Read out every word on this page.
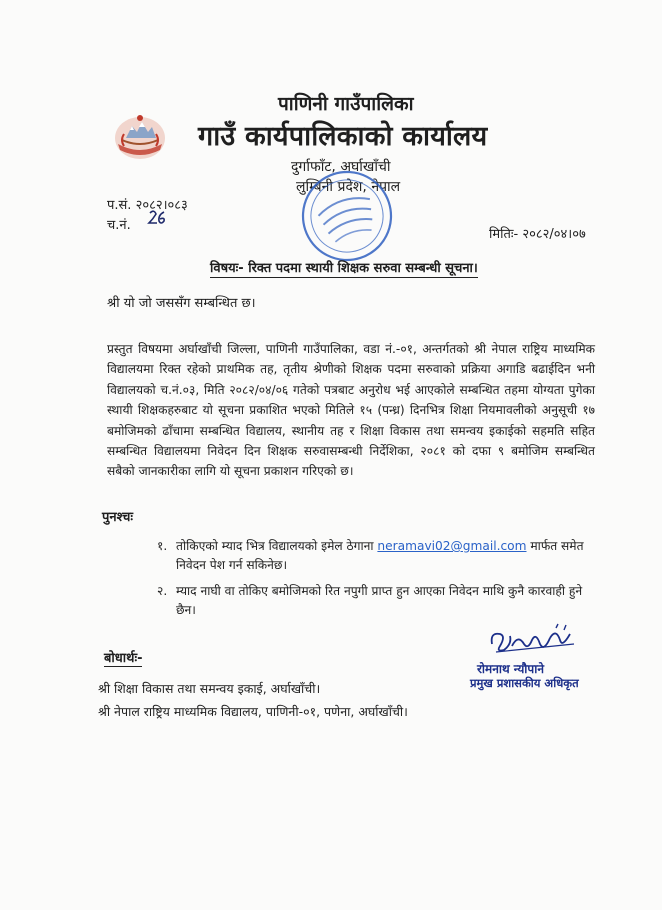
पाणिनी गाउँपालिका
गाउँ कार्यपालिकाको कार्यालय
दुर्गाफाँट, अर्घाखाँची
लुम्बिनी प्रदेश, नेपाल
प.सं. २०८२।०८३
च.नं.
मितिः- २०८२/०४।०७
विषयः- रिक्त पदमा स्थायी शिक्षक सरुवा सम्बन्धी सूचना।
श्री यो जो जससँग सम्बन्धित छ।
प्रस्तुत विषयमा अर्घाखाँची जिल्ला, पाणिनी गाउँपालिका, वडा नं.-०१, अन्तर्गतको श्री नेपाल राष्ट्रिय माध्यमिक
विद्यालयमा रिक्त रहेको प्राथमिक तह, तृतीय श्रेणीको शिक्षक पदमा सरुवाको प्रक्रिया अगाडि बढाईदिन भनी
विद्यालयको च.नं.०३, मिति २०८२/०४/०६ गतेको पत्रबाट अनुरोध भई आएकोले सम्बन्धित तहमा योग्यता पुगेका
स्थायी शिक्षकहरुबाट यो सूचना प्रकाशित भएको मितिले १५ (पन्ध्र) दिनभित्र शिक्षा नियमावलीको अनुसूची १७
बमोजिमको ढाँचामा सम्बन्धित विद्यालय, स्थानीय तह र शिक्षा विकास तथा समन्वय इकाईको सहमति सहित
सम्बन्धित विद्यालयमा निवेदन दिन शिक्षक सरुवासम्बन्धी निर्देशिका, २०८१ को दफा ९ बमोजिम सम्बन्धित
सबैको जानकारीका लागि यो सूचना प्रकाशन गरिएको छ।
पुनश्चः
१. तोकिएको म्याद भित्र विद्यालयको इमेल ठेगाना neramavi02@gmail.com मार्फत समेत
निवेदन पेश गर्न सकिनेछ।
२. म्याद नाघी वा तोकिए बमोजिमको रित नपुगी प्राप्त हुन आएका निवेदन माथि कुनै कारवाही हुने
छैन।
रोमनाथ न्यौपाने
प्रमुख प्रशासकीय अधिकृत
बोधार्थः-
श्री शिक्षा विकास तथा समन्वय इकाई, अर्घाखाँची।
श्री नेपाल राष्ट्रिय माध्यमिक विद्यालय, पाणिनी-०१, पणेना, अर्घाखाँची।
